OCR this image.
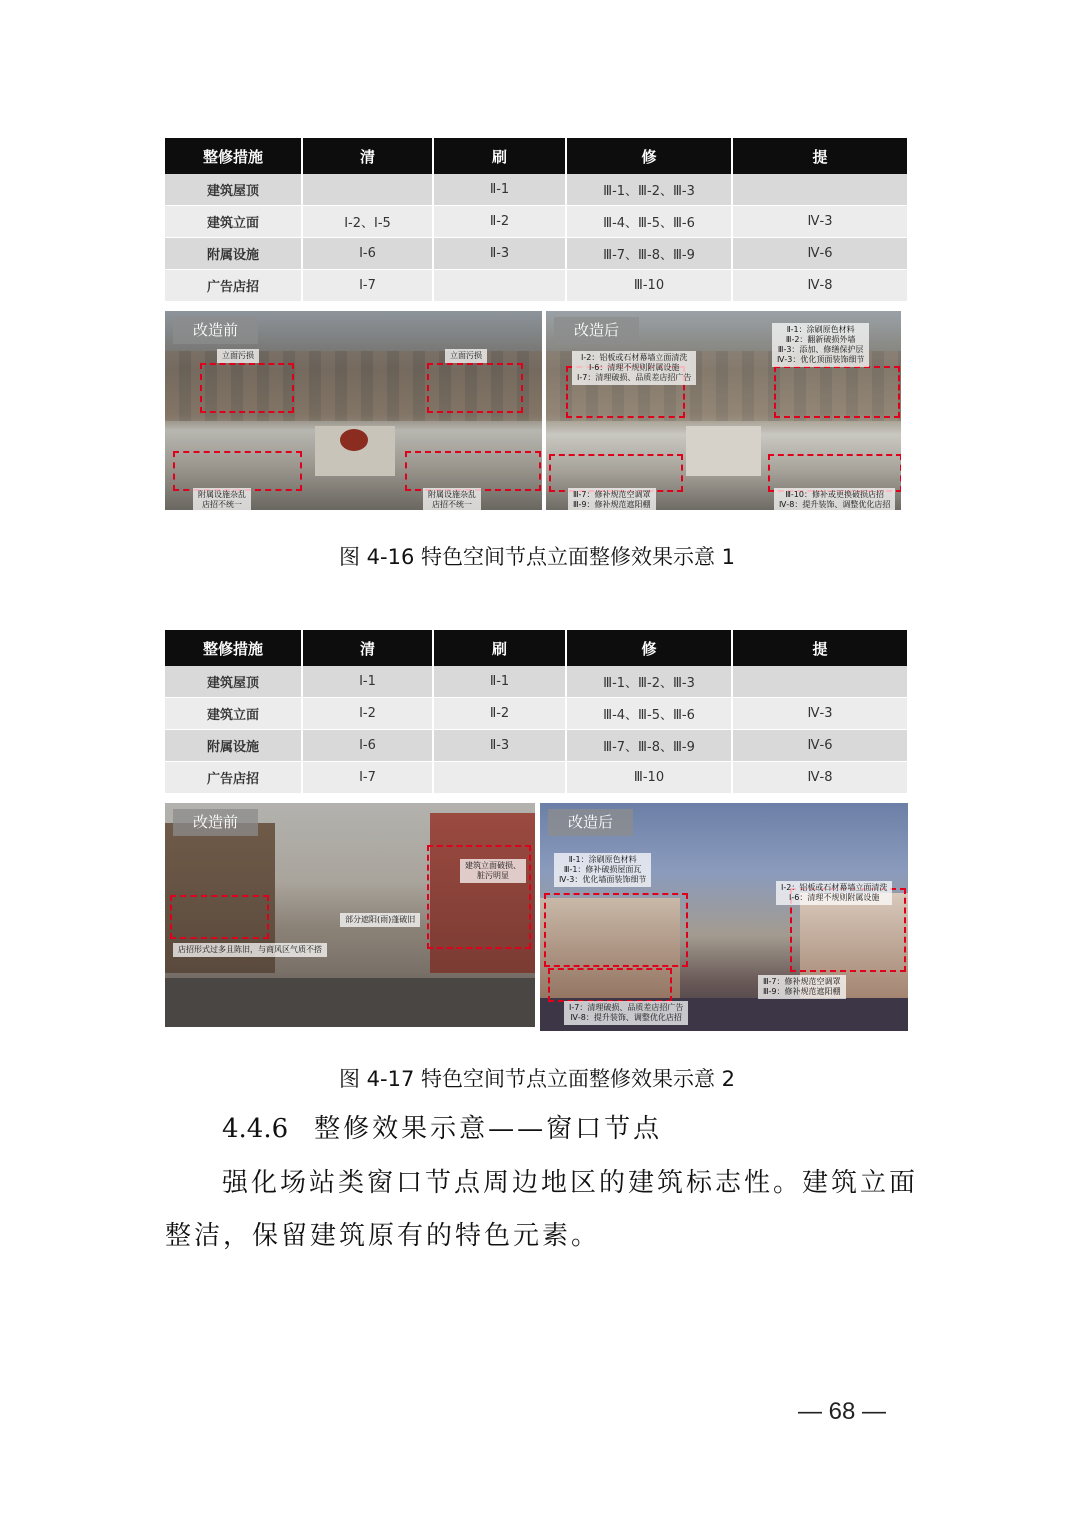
整修措施	清	刷	修	提
建筑屋顶		Ⅱ-1	Ⅲ-1、Ⅲ-2、Ⅲ-3	
建筑立面	Ⅰ-2、Ⅰ-5	Ⅱ-2	Ⅲ-4、Ⅲ-5、Ⅲ-6	Ⅳ-3
附属设施	Ⅰ-6	Ⅱ-3	Ⅲ-7、Ⅲ-8、Ⅲ-9	Ⅳ-6
广告店招	Ⅰ-7		Ⅲ-10	Ⅳ-8
改造前
立面污损	立面污损
附属设施杂乱
店招不统一
附属设施杂乱
店招不统一
改造后	Ⅱ-1：涂刷原色材料
Ⅲ-2：翻新破损外墙
Ⅲ-3：添加、修缮保护层
Ⅳ-3：优化顶面装饰细节
Ⅰ-2：铝板或石材幕墙立面清洗
Ⅰ-6：清理不规则附属设施
Ⅰ-7：清理破损、品质差店招广告
Ⅲ-7：修补规范空调罩
Ⅲ-9：修补规范遮阳棚
Ⅲ-10：修补或更换破损店招
Ⅳ-8：提升装饰、调整优化店招
图 4-16 特色空间节点立面整修效果示意 1
整修措施	清	刷	修	提
建筑屋顶	Ⅰ-1	Ⅱ-1	Ⅲ-1、Ⅲ-2、Ⅲ-3	
建筑立面	Ⅰ-2	Ⅱ-2	Ⅲ-4、Ⅲ-5、Ⅲ-6	Ⅳ-3
附属设施	Ⅰ-6	Ⅱ-3	Ⅲ-7、Ⅲ-8、Ⅲ-9	Ⅳ-6
广告店招	Ⅰ-7		Ⅲ-10	Ⅳ-8
改造前
建筑立面破损、
脏污明显
部分遮阳(雨)蓬破旧
店招形式过多且陈旧，与商风区气质不搭
改造后
Ⅱ-1：涂刷原色材料
Ⅲ-1：修补破损屋面瓦
Ⅳ-3：优化墙面装饰细节
Ⅰ-2：铝板或石材幕墙立面清洗
Ⅰ-6：清理不规则附属设施
Ⅲ-7：修补规范空调罩
Ⅲ-9：修补规范遮阳棚
Ⅰ-7：清理破损、品质差店招广告
Ⅳ-8：提升装饰、调整优化店招
图 4-17 特色空间节点立面整修效果示意 2
4.4.6 整修效果示意——窗口节点
强化场站类窗口节点周边地区的建筑标志性。建筑立面
整洁，保留建筑原有的特色元素。
— 68 —
